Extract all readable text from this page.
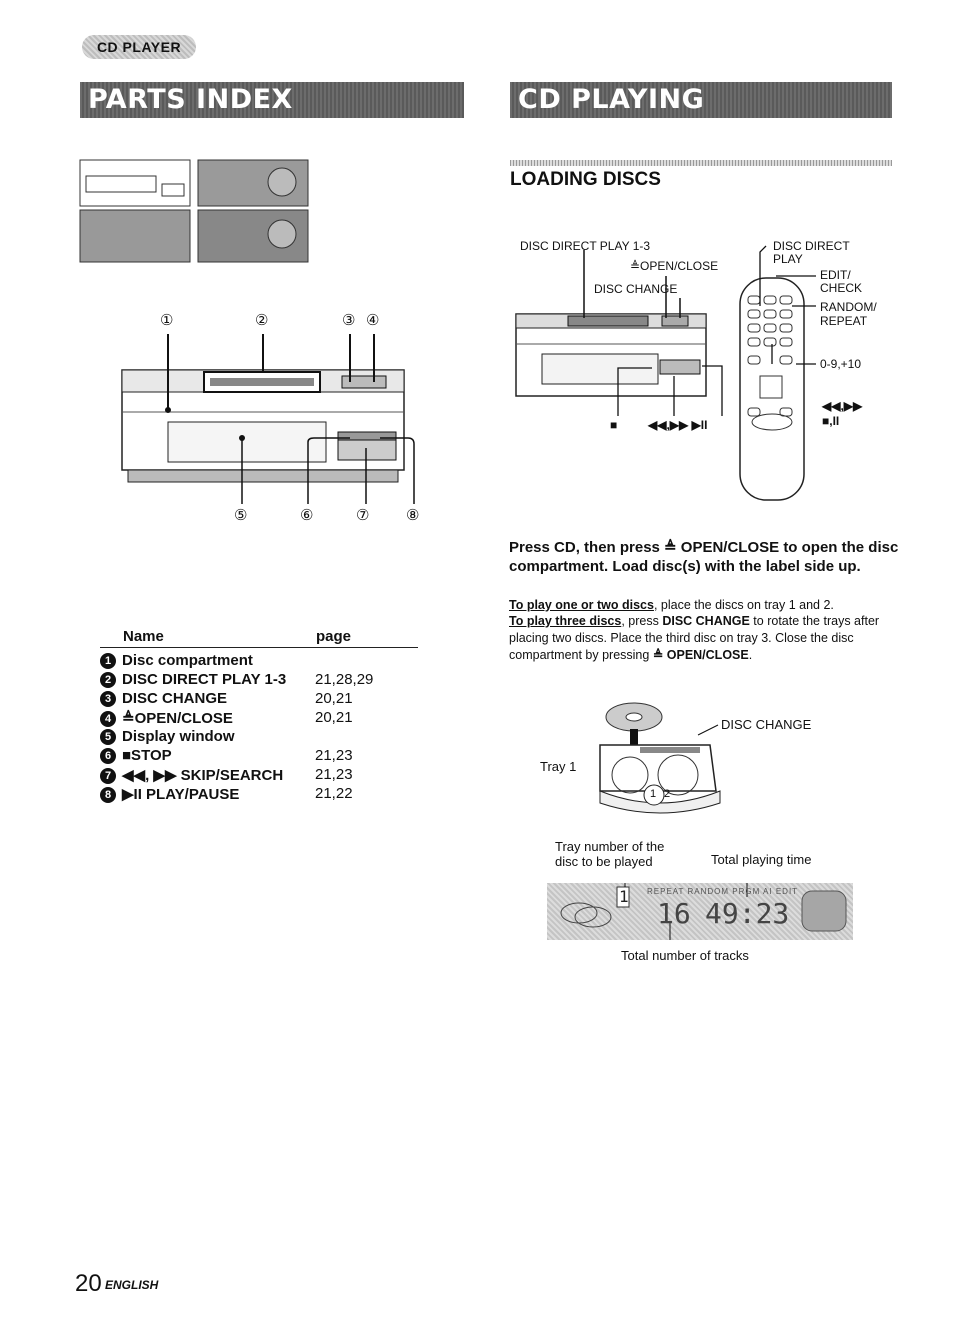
CD PLAYER
PARTS INDEX	CD PLAYING
①	②	③ ④
⑤	⑥	⑦ ⑧
Name	page
1 Disc compartment
2 DISC DIRECT PLAY 1-3 21,28,29
3 DISC CHANGE	20,21
4 ≜OPEN/CLOSE	20,21
5 Display window
6 ■STOP	21,23
7 ◀◀, ▶▶ SKIP/SEARCH 21,23
8 ▶II PLAY/PAUSE	21,22
LOADING DISCS
DISC DIRECT PLAY 1-3
≜OPEN/CLOSE
DISC CHANGE
DISC DIRECT
PLAY
EDIT/
CHECK
RANDOM/
REPEAT
0-9,+10
◀◀,▶▶
■,II
■	◀◀,▶▶ ▶II
Press CD, then press ≜ OPEN/CLOSE to open the disc compartment. Load disc(s) with the label side up.
To play one or two discs, place the discs on tray 1 and 2.
To play three discs, press DISC CHANGE to rotate the trays after placing two discs. Place the third disc on tray 3. Close the disc compartment by pressing ≜ OPEN/CLOSE.
DISC CHANGE
Tray 1
1 2
Tray number of the
disc to be played	Total playing time
REPEAT RANDOM PRGM AI EDIT
1
16 49:23
Total number of tracks
20 ENGLISH
